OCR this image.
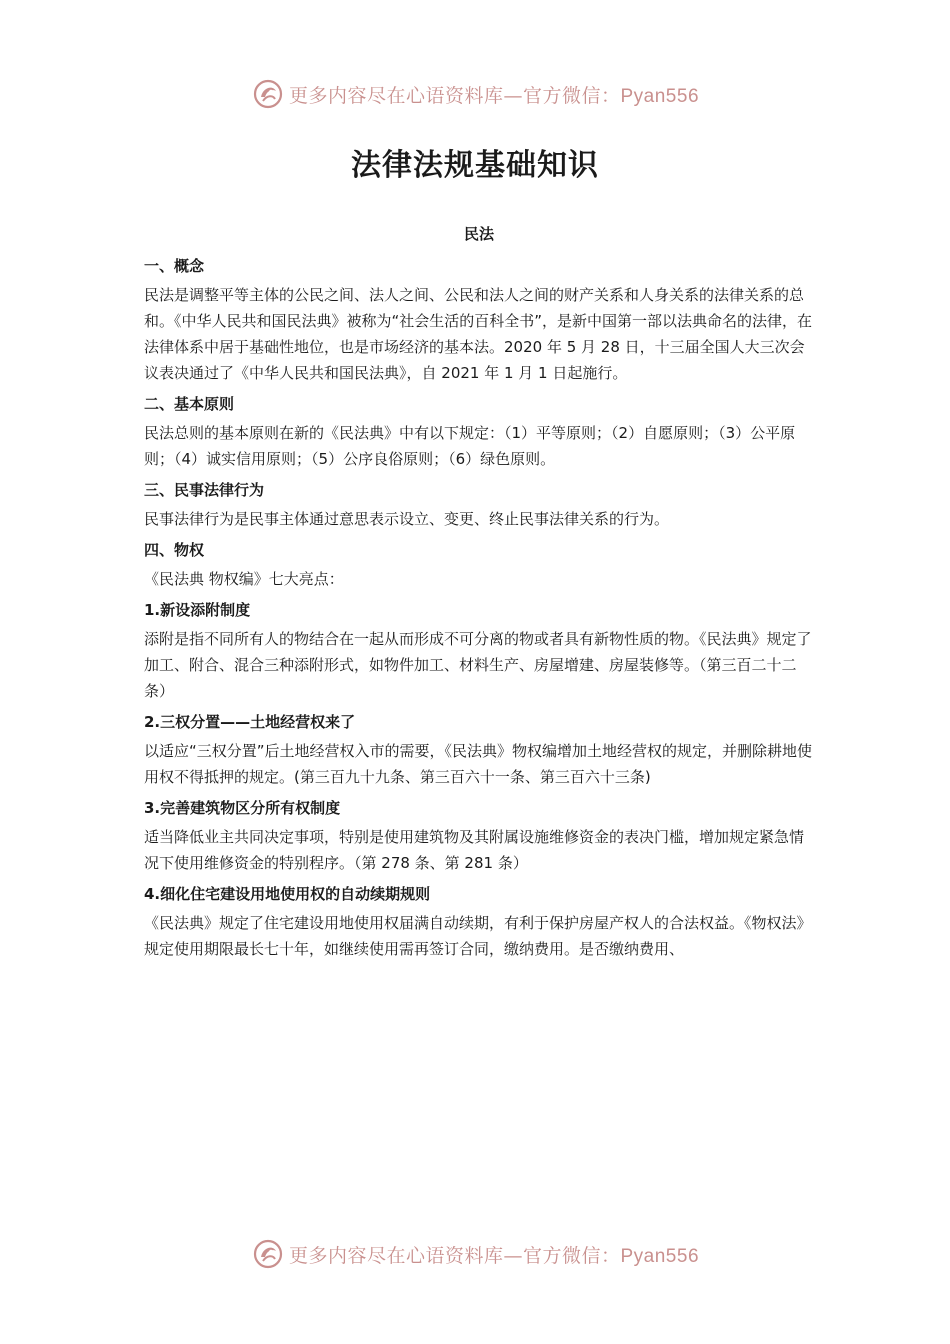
更多内容尽在心语资料库—官方微信：Pyan556
法律法规基础知识
民法
一、概念
民法是调整平等主体的公民之间、法人之间、公民和法人之间的财产关系和人身关系的法律关系的总和。《中华人民共和国民法典》被称为“社会生活的百科全书”，是新中国第一部以法典命名的法律，在法律体系中居于基础性地位，也是市场经济的基本法。2020 年 5 月 28 日，十三届全国人大三次会议表决通过了《中华人民共和国民法典》，自 2021 年 1 月 1 日起施行。
二、基本原则
民法总则的基本原则在新的《民法典》中有以下规定：（1）平等原则；（2）自愿原则；（3）公平原则；（4）诚实信用原则；（5）公序良俗原则；（6）绿色原则。
三、民事法律行为
民事法律行为是民事主体通过意思表示设立、变更、终止民事法律关系的行为。
四、物权
《民法典 物权编》七大亮点：
1.新设添附制度
添附是指不同所有人的物结合在一起从而形成不可分离的物或者具有新物性质的物。《民法典》规定了加工、附合、混合三种添附形式，如物件加工、材料生产、房屋增建、房屋装修等。（第三百二十二条）
2.三权分置——土地经营权来了
以适应“三权分置”后土地经营权入市的需要，《民法典》物权编增加土地经营权的规定，并删除耕地使用权不得抵押的规定。(第三百九十九条、第三百六十一条、第三百六十三条)
3.完善建筑物区分所有权制度
适当降低业主共同决定事项，特别是使用建筑物及其附属设施维修资金的表决门槛，增加规定紧急情况下使用维修资金的特别程序。（第 278 条、第 281 条）
4.细化住宅建设用地使用权的自动续期规则
《民法典》规定了住宅建设用地使用权届满自动续期，有利于保护房屋产权人的合法权益。《物权法》规定使用期限最长七十年，如继续使用需再签订合同，缴纳费用。是否缴纳费用、
更多内容尽在心语资料库—官方微信：Pyan556
